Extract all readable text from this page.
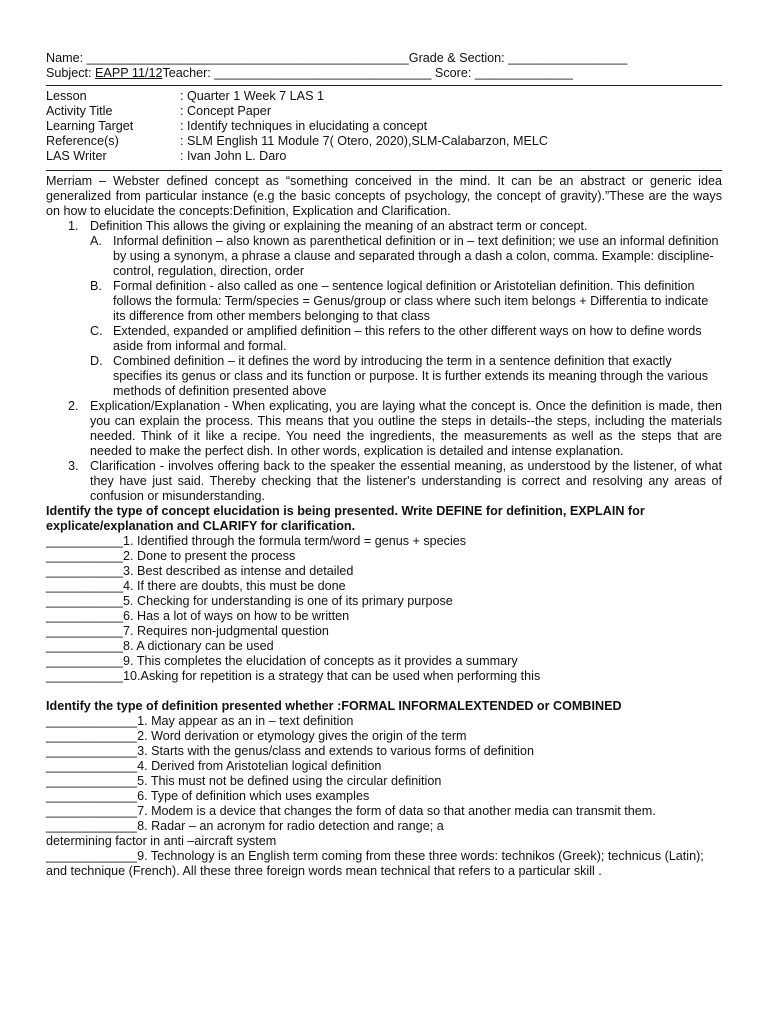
Name: ______________________________________________Grade & Section: _________________
Subject: EAPP 11/12Teacher: _______________________________ Score: ______________
Lesson	: Quarter 1 Week 7 LAS 1
Activity Title	: Concept Paper
Learning Target	: Identify techniques in elucidating a concept
Reference(s)	: SLM English 11 Module 7( Otero, 2020),SLM-Calabarzon, MELC
LAS Writer	: Ivan John L. Daro

Merriam – Webster defined concept as “something conceived in the mind. It can be an abstract or generic idea generalized from particular instance (e.g the basic concepts of psychology, the concept of gravity).”These are the ways on how to elucidate the concepts:Definition, Explication and Clarification.

1. Definition This allows the giving or explaining the meaning of an abstract term or concept.
A. Informal definition – also known as parenthetical definition or in – text definition; we use an informal definition by using a synonym, a phrase a clause and separated through a dash a colon, comma. Example: discipline-control, regulation, direction, order
B. Formal definition - also called as one – sentence logical definition or Aristotelian definition. This definition follows the formula: Term/species = Genus/group or class where such item belongs + Differentia to indicate its difference from other members belonging to that class
C. Extended, expanded or amplified definition – this refers to the other different ways on how to define words aside from informal and formal.
D. Combined definition – it defines the word by introducing the term in a sentence definition that exactly specifies its genus or class and its function or purpose. It is further extends its meaning through the various methods of definition presented above
2. Explication/Explanation - When explicating, you are laying what the concept is. Once the definition is made, then you can explain the process. This means that you outline the steps in details--the steps, including the materials needed. Think of it like a recipe. You need the ingredients, the measurements as well as the steps that are needed to make the perfect dish. In other words, explication is detailed and intense explanation.
3. Clarification - involves offering back to the speaker the essential meaning, as understood by the listener, of what they have just said. Thereby checking that the listener's understanding is correct and resolving any areas of confusion or misunderstanding.

Identify the type of concept elucidation is being presented. Write DEFINE for definition, EXPLAIN for explicate/explanation and CLARIFY for clarification.

___________1. Identified through the formula term/word = genus + species
___________2. Done to present the process
___________3. Best described as intense and detailed
___________4. If there are doubts, this must be done
___________5. Checking for understanding is one of its primary purpose
___________6. Has a lot of ways on how to be written
___________7. Requires non-judgmental question
___________8. A dictionary can be used
___________9. This completes the elucidation of concepts as it provides a summary
___________10.Asking for repetition is a strategy that can be used when performing this

Identify the type of definition presented whether :FORMAL INFORMALEXTENDED or COMBINED

_____________1. May appear as an in – text definition
_____________2. Word derivation or etymology gives the origin of the term
_____________3. Starts with the genus/class and extends to various forms of definition
_____________4. Derived from Aristotelian logical definition
_____________5. This must not be defined using the circular definition
_____________6. Type of definition which uses examples
_____________7. Modem is a device that changes the form of data so that another media can transmit them.
_____________8. Radar – an acronym for radio detection and range; a
determining factor in anti –aircraft system
_____________9. Technology is an English term coming from these three words: technikos (Greek); technicus (Latin); and technique (French). All these three foreign words mean technical that refers to a particular skill .
